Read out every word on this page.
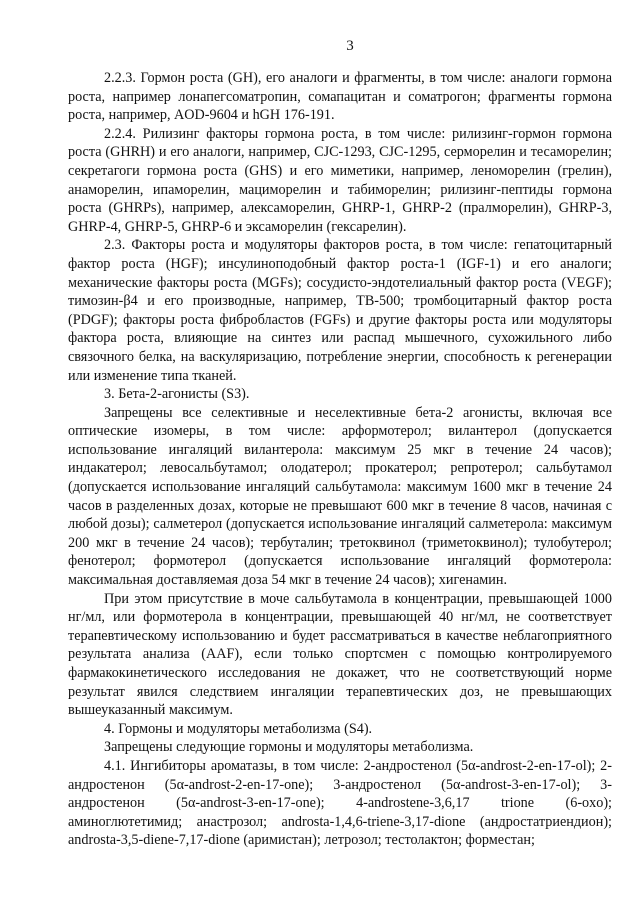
3

2.2.3. Гормон роста (GH), его аналоги и фрагменты, в том числе: аналоги гормона роста, например лонапегсоматропин, сомапацитан и соматрогон; фрагменты гормона роста, например, AOD-9604 и hGH 176-191.

2.2.4. Рилизинг факторы гормона роста, в том числе: рилизинг-гормон гормона роста (GHRH) и его аналоги, например, CJC-1293, CJC-1295, серморелин и тесаморелин; секретагоги гормона роста (GHS) и его миметики, например, леноморелин (грелин), анаморелин, ипаморелин, мациморелин и табиморелин; рилизинг-пептиды гормона роста (GHRPs), например, алексаморелин, GHRP-1, GHRP-2 (пралморелин), GHRP-3, GHRP-4, GHRP-5, GHRP-6 и эксаморелин (гексарелин).

2.3. Факторы роста и модуляторы факторов роста, в том числе: гепатоцитарный фактор роста (HGF); инсулиноподобный фактор роста-1 (IGF-1) и его аналоги; механические факторы роста (MGFs); сосудисто-эндотелиальный фактор роста (VEGF); тимозин-β4 и его производные, например, TB-500; тромбоцитарный фактор роста (PDGF); факторы роста фибробластов (FGFs) и другие факторы роста или модуляторы фактора роста, влияющие на синтез или распад мышечного, сухожильного либо связочного белка, на васкуляризацию, потребление энергии, способность к регенерации или изменение типа тканей.

3. Бета-2-агонисты (S3).

Запрещены все селективные и неселективные бета-2 агонисты, включая все оптические изомеры, в том числе: арформотерол; вилантерол (допускается использование ингаляций вилантерола: максимум 25 мкг в течение 24 часов); индакатерол; левосальбутамол; олодатерол; прокатерол; репротерол; сальбутамол (допускается использование ингаляций сальбутамола: максимум 1600 мкг в течение 24 часов в разделенных дозах, которые не превышают 600 мкг в течение 8 часов, начиная с любой дозы); салметерол (допускается использование ингаляций салметерола: максимум 200 мкг в течение 24 часов); тербуталин; третоквинол (триметоквинол); тулобутерол; фенотерол; формотерол (допускается использование ингаляций формотерола: максимальная доставляемая доза 54 мкг в течение 24 часов); хигенамин.

При этом присутствие в моче сальбутамола в концентрации, превышающей 1000 нг/мл, или формотерола в концентрации, превышающей 40 нг/мл, не соответствует терапевтическому использованию и будет рассматриваться в качестве неблагоприятного результата анализа (AAF), если только спортсмен с помощью контролируемого фармакокинетического исследования не докажет, что не соответствующий норме результат явился следствием ингаляции терапевтических доз, не превышающих вышеуказанный максимум.

4. Гормоны и модуляторы метаболизма (S4).

Запрещены следующие гормоны и модуляторы метаболизма.

4.1. Ингибиторы ароматазы, в том числе: 2-андростенол (5α-androst-2-en-17-ol); 2-андростенон (5α-androst-2-en-17-one); 3-андростенол (5α-androst-3-en-17-ol); 3-андростенон (5α-androst-3-en-17-one); 4-androstene-3,6,17 trione (6-oxo); аминоглютетимид; анастрозол; androsta-1,4,6-triene-3,17-dione (андростатриендион); androsta-3,5-diene-7,17-dione (аримистан); летрозол; тестолактон; форместан;
